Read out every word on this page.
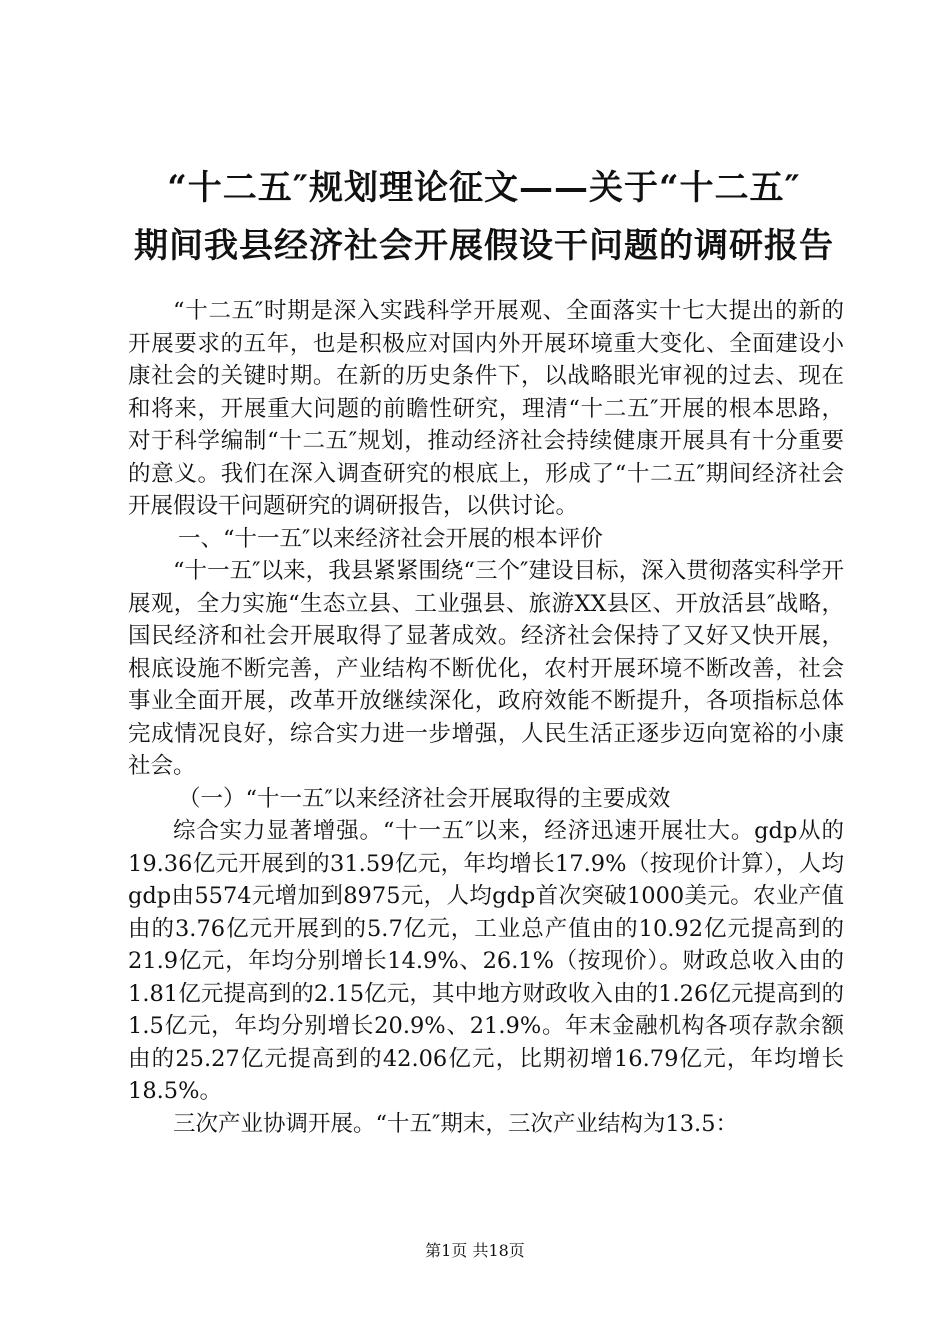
“十二五″规划理论征文——关于“十二五″
期间我县经济社会开展假设干问题的调研报告

“十二五″时期是深入实践科学开展观、全面落实十七大提出的新的开展要求的五年，也是积极应对国内外开展环境重大变化、全面建设小康社会的关键时期。在新的历史条件下，以战略眼光审视的过去、现在和将来，开展重大问题的前瞻性研究，理清“十二五″开展的根本思路，对于科学编制“十二五″规划，推动经济社会持续健康开展具有十分重要的意义。我们在深入调查研究的根底上，形成了“十二五″期间经济社会开展假设干问题研究的调研报告，以供讨论。

一、“十一五″以来经济社会开展的根本评价

“十一五″以来，我县紧紧围绕“三个″建设目标，深入贯彻落实科学开展观，全力实施“生态立县、工业强县、旅游XX县区、开放活县″战略，国民经济和社会开展取得了显著成效。经济社会保持了又好又快开展，根底设施不断完善，产业结构不断优化，农村开展环境不断改善，社会事业全面开展，改革开放继续深化，政府效能不断提升，各项指标总体完成情况良好，综合实力进一步增强，人民生活正逐步迈向宽裕的小康社会。

（一）“十一五″以来经济社会开展取得的主要成效

综合实力显著增强。“十一五″以来，经济迅速开展壮大。gdp从的19.36亿元开展到的31.59亿元，年均增长17.9%（按现价计算），人均gdp由5574元增加到8975元，人均gdp首次突破1000美元。农业产值由的3.76亿元开展到的5.7亿元，工业总产值由的10.92亿元提高到的21.9亿元，年均分别增长14.9%、26.1%（按现价）。财政总收入由的1.81亿元提高到的2.15亿元，其中地方财政收入由的1.26亿元提高到的1.5亿元，年均分别增长20.9%、21.9%。年末金融机构各项存款余额由的25.27亿元提高到的42.06亿元，比期初增16.79亿元，年均增长18.5%。

三次产业协调开展。“十五″期末，三次产业结构为13.5：

第1页 共18页
